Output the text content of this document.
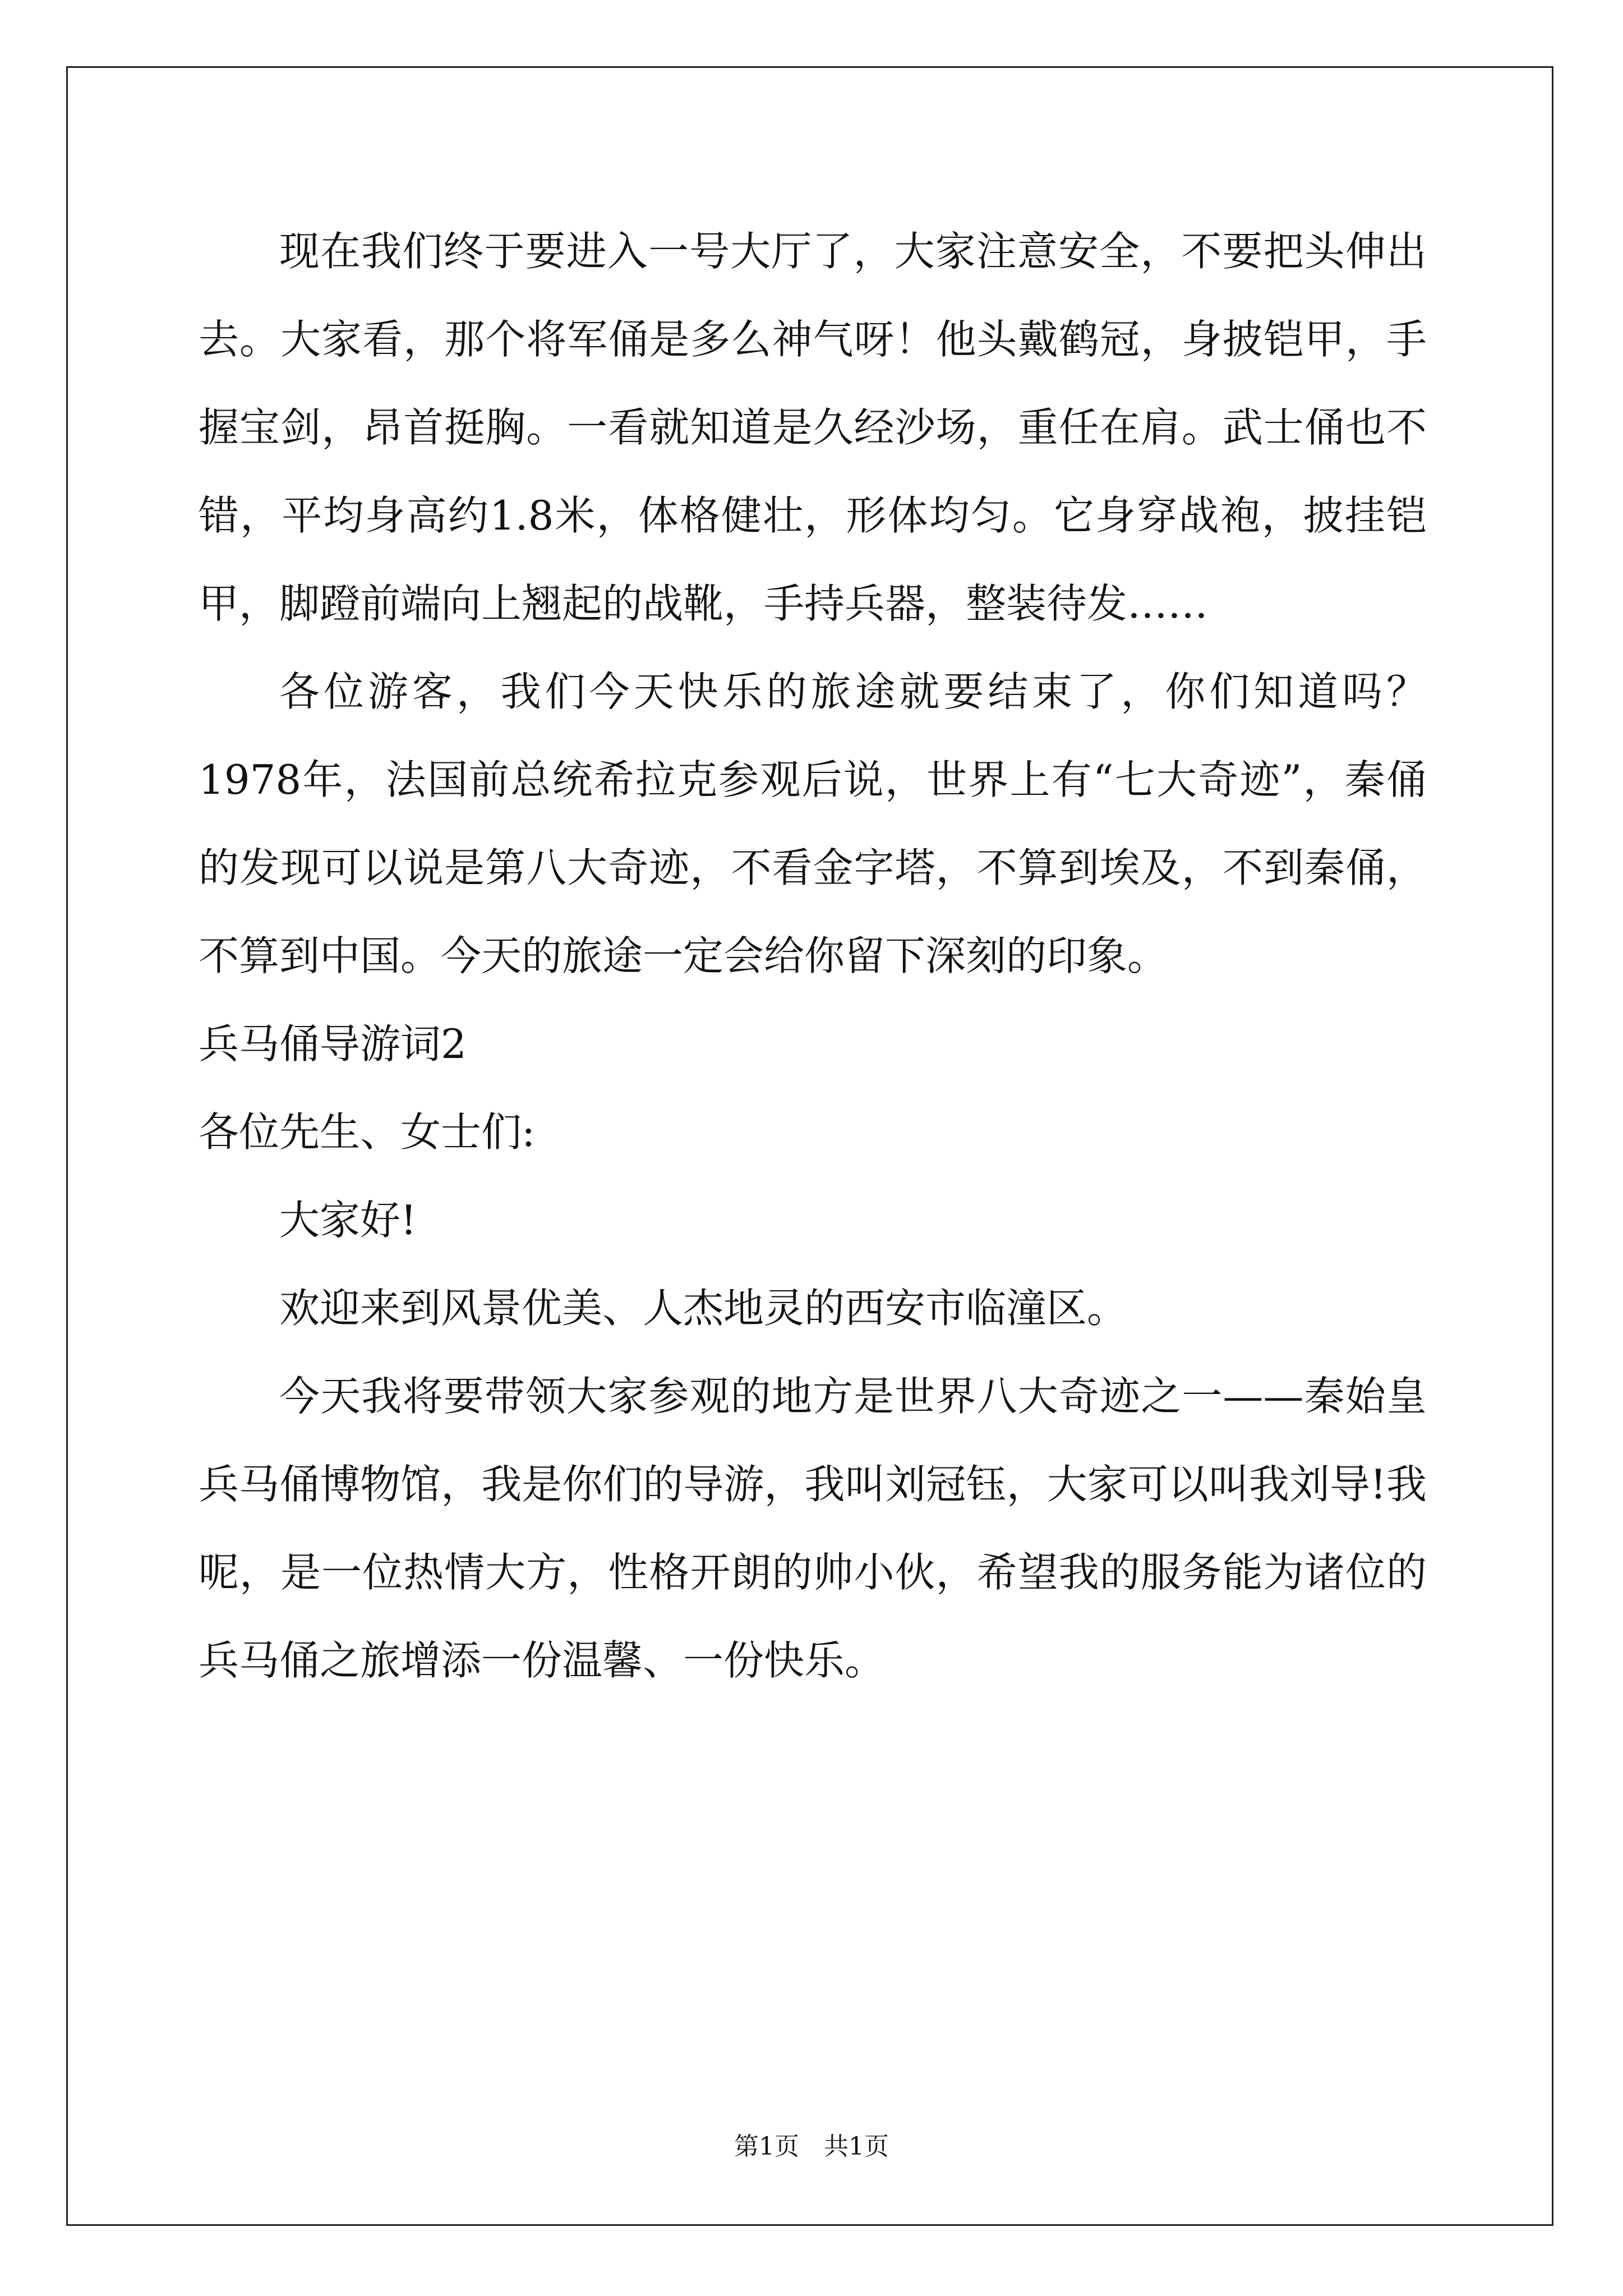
现在我们终于要进入一号大厅了，大家注意安全，不要把头伸出去。大家看，那个将军俑是多么神气呀！他头戴鹤冠，身披铠甲，手握宝剑，昂首挺胸。一看就知道是久经沙场，重任在肩。武士俑也不错，平均身高约1.8米，体格健壮，形体均匀。它身穿战袍，披挂铠甲，脚蹬前端向上翘起的战靴，手持兵器，整装待发……

各位游客，我们今天快乐的旅途就要结束了，你们知道吗？1978年，法国前总统希拉克参观后说，世界上有“七大奇迹”，秦俑的发现可以说是第八大奇迹，不看金字塔，不算到埃及，不到秦俑，不算到中国。今天的旅途一定会给你留下深刻的印象。

兵马俑导游词2

各位先生、女士们:

大家好!

欢迎来到风景优美、人杰地灵的西安市临潼区。

今天我将要带领大家参观的地方是世界八大奇迹之一——秦始皇兵马俑博物馆，我是你们的导游，我叫刘冠钰，大家可以叫我刘导!我呢，是一位热情大方，性格开朗的帅小伙，希望我的服务能为诸位的兵马俑之旅增添一份温馨、一份快乐。

第1页 共1页
